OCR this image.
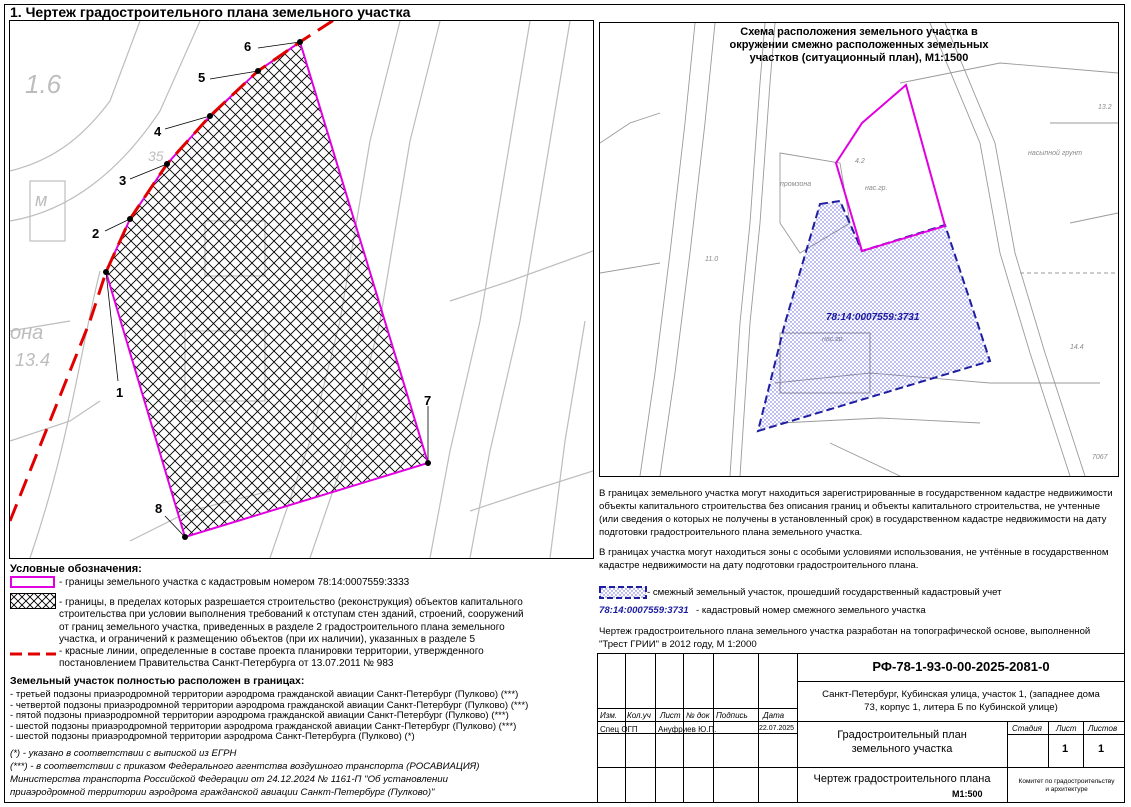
1. Чертеж градостроительного плана земельного участка
1.6
35
она
13.4
м
1
2
3
4
5
6
7
8
нас.гр.
насыпной грунт
промзона
4.2
11.0
7067
14.4
13.2
78:14:0007559:3731
Схема расположения земельного участка в
окружении смежно расположенных земельных
участков (ситуационный план), М1:1500
В границах земельного участка могут находиться зарегистрированные в государственном кадастре недвижимости объекты капитального строительства без описания границ и объекты капитального строительства, не учтенные (или сведения о которых не получены в установленный срок) в государственном кадастре недвижимости на дату подготовки градостроительного плана земельного участка.
В границах участка могут находиться зоны с особыми условиями использования, не учтённые в государственном кадастре недвижимости на дату подготовки градостроительного плана.
- смежный земельный участок, прошедший государственный кадастровый учет
78:14:0007559:3731 - кадастровый номер смежного земельного участка
Чертеж градостроительного плана земельного участка разработан на топографической основе, выполненной "Трест ГРИИ" в 2012 году, М 1:2000
Условные обозначения:
- границы земельного участка с кадастровым номером 78:14:0007559:3333
- границы, в пределах которых разрешается строительство (реконструкция) объектов капитального
строительства при условии выполнения требований к отступам стен зданий, строений, сооружений
от границ земельного участка, приведенных в разделе 2 градостроительного плана земельного
участка, и ограничений к размещению объектов (при их наличии), указанных в разделе 5
- красные линии, определенные в составе проекта планировки территории, утвержденного
постановлением Правительства Санкт-Петербурга от 13.07.2011 № 983
Земельный участок полностью расположен в границах:
- третьей подзоны приаэродромной территории аэродрома гражданской авиации Санкт-Петербург (Пулково) (***)
- четвертой подзоны приаэродромной территории аэродрома гражданской авиации Санкт-Петербург (Пулково) (***)
- пятой подзоны приаэродромной территории аэродрома гражданской авиации Санкт-Петербург (Пулково) (***)
- шестой подзоны приаэродромной территории аэродрома гражданской авиации Санкт-Петербург (Пулково) (***)
- шестой подзоны приаэродромной территории аэродрома Санкт-Петербурга (Пулково) (*)
(*) - указано в соответствии с выпиской из ЕГРН
(***) - в соответствии с приказом Федерального агентства воздушного транспорта (РОСАВИАЦИЯ)
Министерства транспорта Российской Федерации от 24.12.2024 № 1161-П "Об установлении
приаэродромной территории аэродрома гражданской авиации Санкт-Петербург (Пулково)"
РФ-78-1-93-0-00-2025-2081-0
Санкт-Петербург, Кубинская улица, участок 1, (западнее дома
73, корпус 1, литера Б по Кубинской улице)
Изм. Кол.уч Лист № док Подпись Дата
Спец ОГП	Ануфриев Ю.П.	22.07.2025
Градостроительный план
земельного участка
Стадия Лист Листов
1	1
Чертеж градостроительного плана
М1:500
Комитет по градостроительству
и архитектуре
